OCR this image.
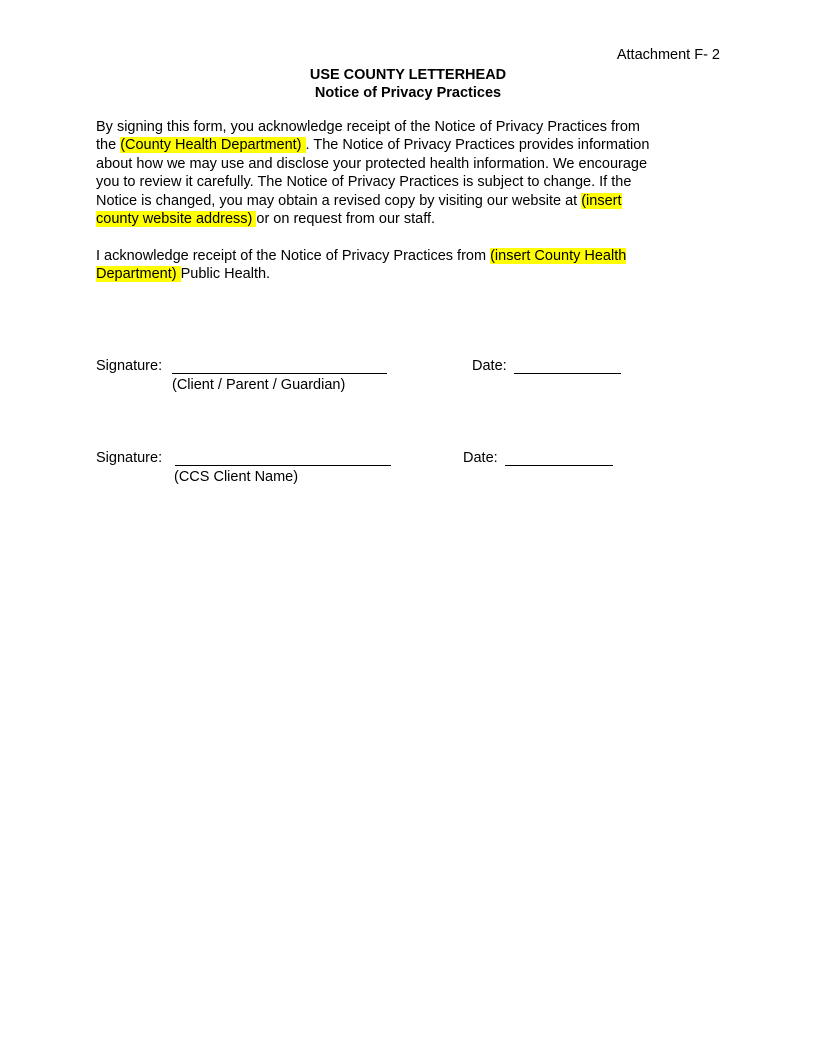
Attachment F- 2
USE COUNTY LETTERHEAD
Notice of Privacy Practices
By signing this form, you acknowledge receipt of the Notice of Privacy Practices from
the (County Health Department) . The Notice of Privacy Practices provides information
about how we may use and disclose your protected health information. We encourage
you to review it carefully. The Notice of Privacy Practices is subject to change. If the
Notice is changed, you may obtain a revised copy by visiting our website at (insert
county website address) or on request from our staff.
I acknowledge receipt of the Notice of Privacy Practices from (insert County Health
Department) Public Health.
Signature:	Date:
(Client / Parent / Guardian)
Signature:	Date:
(CCS Client Name)
